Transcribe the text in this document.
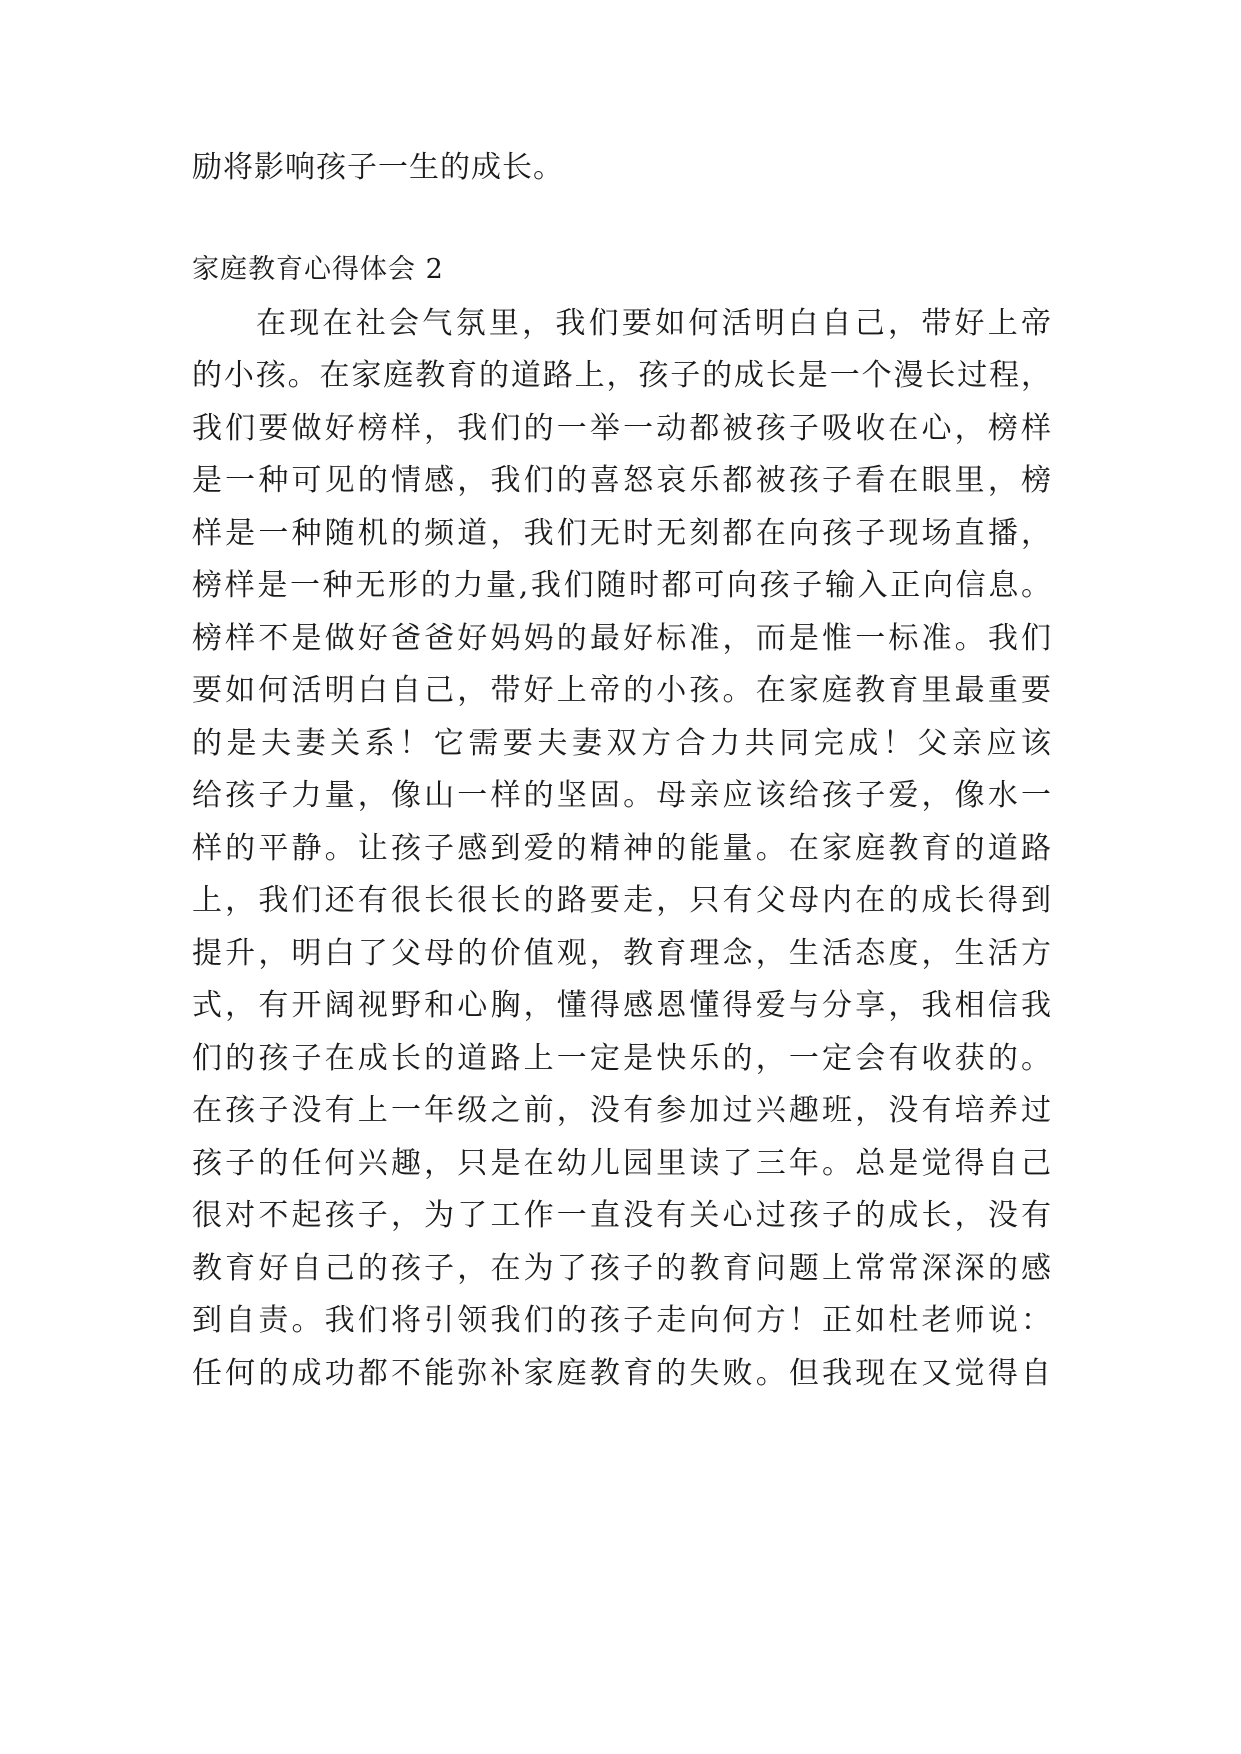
励将影响孩子一生的成长。
家庭教育心得体会 2
在现在社会气氛里，我们要如何活明白自己，带好上帝
的小孩。在家庭教育的道路上，孩子的成长是一个漫长过程，
我们要做好榜样，我们的一举一动都被孩子吸收在心，榜样
是一种可见的情感，我们的喜怒哀乐都被孩子看在眼里，榜
样是一种随机的频道，我们无时无刻都在向孩子现场直播，
榜样是一种无形的力量,我们随时都可向孩子输入正向信息。
榜样不是做好爸爸好妈妈的最好标准，而是惟一标准。我们
要如何活明白自己，带好上帝的小孩。在家庭教育里最重要
的是夫妻关系！它需要夫妻双方合力共同完成！父亲应该
给孩子力量，像山一样的坚固。母亲应该给孩子爱，像水一
样的平静。让孩子感到爱的精神的能量。在家庭教育的道路
上，我们还有很长很长的路要走，只有父母内在的成长得到
提升，明白了父母的价值观，教育理念，生活态度，生活方
式，有开阔视野和心胸，懂得感恩懂得爱与分享，我相信我
们的孩子在成长的道路上一定是快乐的，一定会有收获的。
在孩子没有上一年级之前，没有参加过兴趣班，没有培养过
孩子的任何兴趣，只是在幼儿园里读了三年。总是觉得自己
很对不起孩子，为了工作一直没有关心过孩子的成长，没有
教育好自己的孩子，在为了孩子的教育问题上常常深深的感
到自责。我们将引领我们的孩子走向何方！正如杜老师说：
任何的成功都不能弥补家庭教育的失败。但我现在又觉得自
